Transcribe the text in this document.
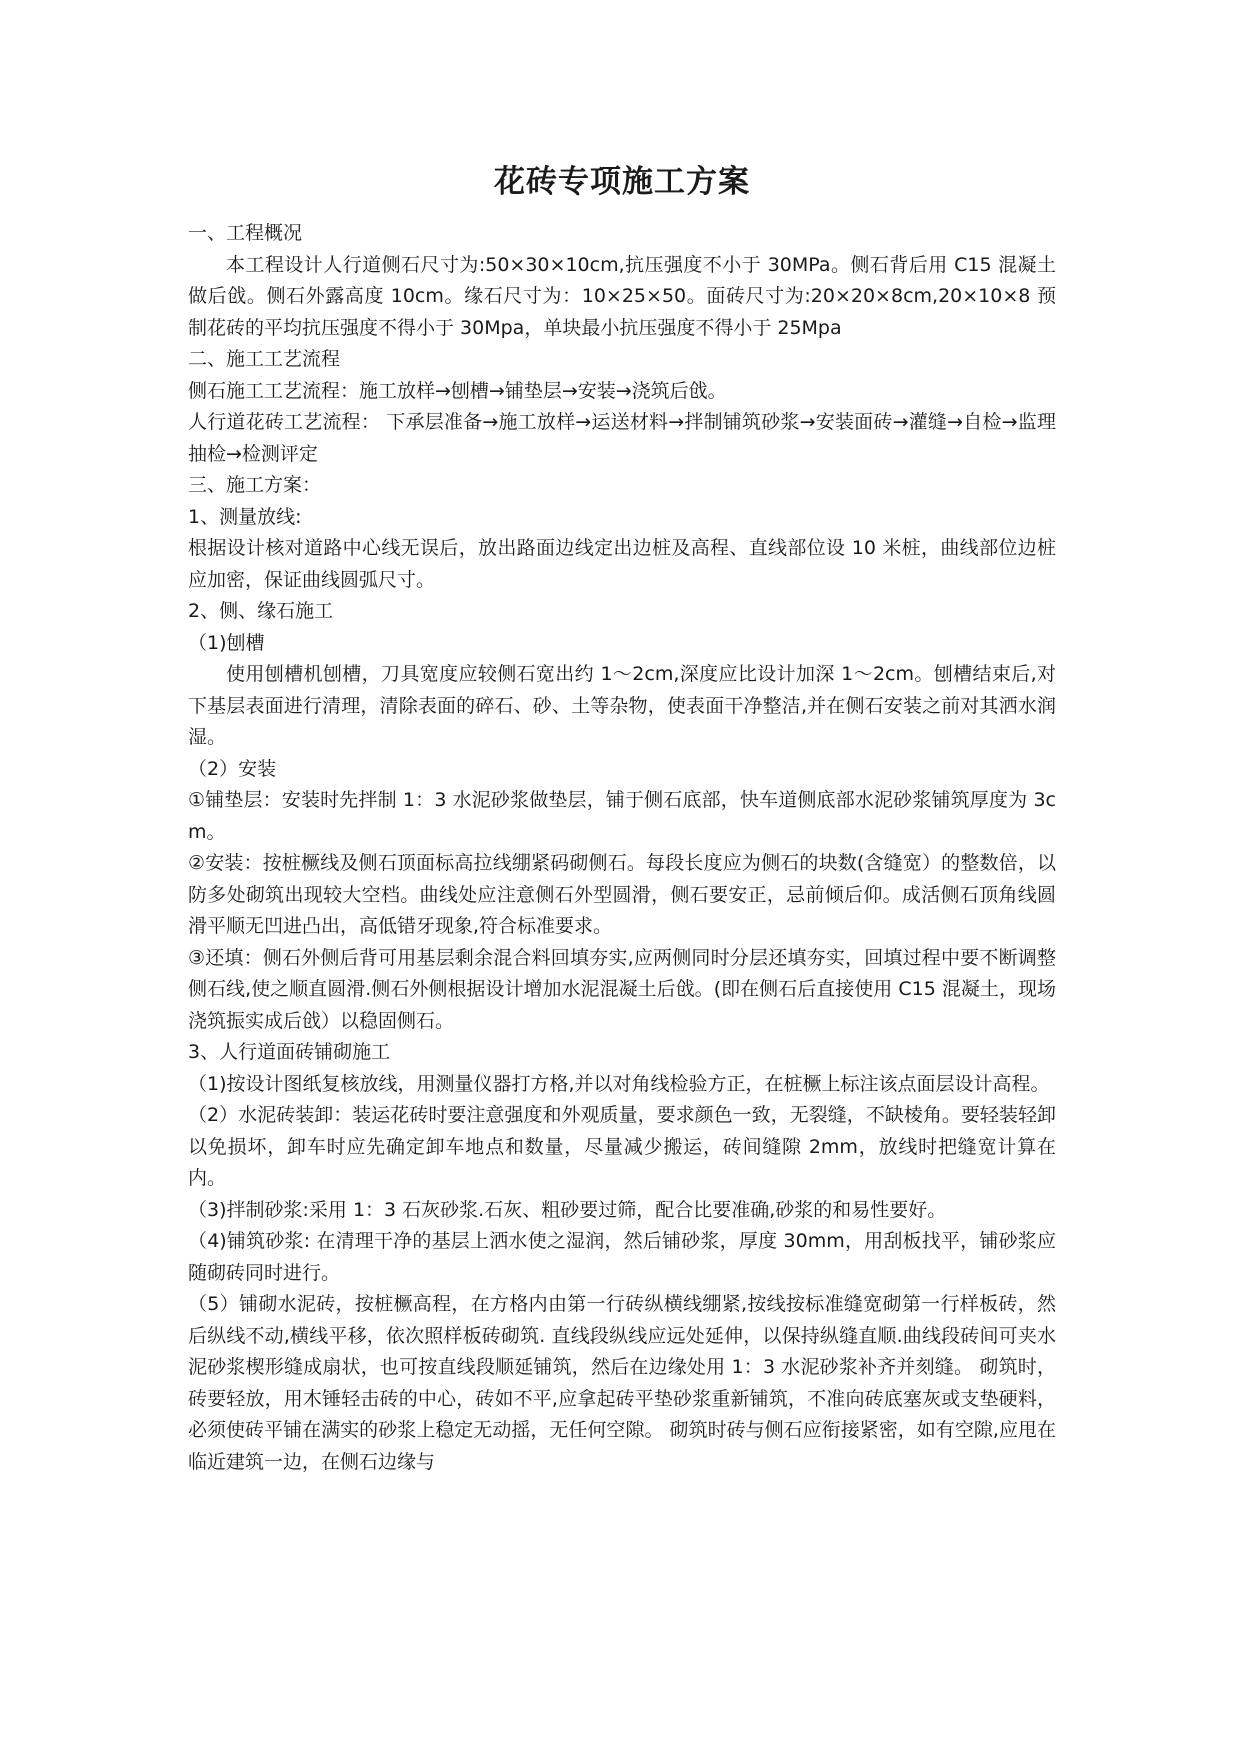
花砖专项施工方案

一、工程概况

本工程设计人行道侧石尺寸为:50×30×10cm,抗压强度不小于 30MPa。侧石背后用 C15 混凝土做后戗。侧石外露高度 10cm。缘石尺寸为：10×25×50。面砖尺寸为:20×20×8cm,20×10×8 预制花砖的平均抗压强度不得小于 30Mpa，单块最小抗压强度不得小于 25Mpa

二、施工工艺流程

侧石施工工艺流程：施工放样→刨槽→铺垫层→安装→浇筑后戗。

人行道花砖工艺流程： 下承层准备→施工放样→运送材料→拌制铺筑砂浆→安装面砖→灌缝→自检→监理抽检→检测评定

三、施工方案：

1、测量放线:

根据设计核对道路中心线无误后，放出路面边线定出边桩及高程、直线部位设 10 米桩，曲线部位边桩应加密，保证曲线圆弧尺寸。

2、侧、缘石施工

（1)刨槽

使用刨槽机刨槽，刀具宽度应较侧石宽出约 1～2cm,深度应比设计加深 1～2cm。刨槽结束后,对下基层表面进行清理，清除表面的碎石、砂、土等杂物，使表面干净整洁,并在侧石安装之前对其洒水润湿。

（2）安装

①铺垫层：安装时先拌制 1：3 水泥砂浆做垫层，铺于侧石底部，快车道侧底部水泥砂浆铺筑厚度为 3cm。

②安装：按桩橛线及侧石顶面标高拉线绷紧码砌侧石。每段长度应为侧石的块数(含缝宽）的整数倍，以防多处砌筑出现较大空档。曲线处应注意侧石外型圆滑，侧石要安正，忌前倾后仰。成活侧石顶角线圆滑平顺无凹进凸出，高低错牙现象,符合标准要求。

③还填：侧石外侧后背可用基层剩余混合料回填夯实,应两侧同时分层还填夯实，回填过程中要不断调整侧石线,使之顺直圆滑.侧石外侧根据设计增加水泥混凝土后戗。(即在侧石后直接使用 C15 混凝土，现场浇筑振实成后戗）以稳固侧石。

3、人行道面砖铺砌施工

（1)按设计图纸复核放线，用测量仪器打方格,并以对角线检验方正，在桩橛上标注该点面层设计高程。

（2）水泥砖装卸：装运花砖时要注意强度和外观质量，要求颜色一致，无裂缝，不缺棱角。要轻装轻卸以免损坏，卸车时应先确定卸车地点和数量，尽量减少搬运，砖间缝隙 2mm，放线时把缝宽计算在内。

（3)拌制砂浆:采用 1：3 石灰砂浆.石灰、粗砂要过筛，配合比要准确,砂浆的和易性要好。

（4)铺筑砂浆: 在清理干净的基层上洒水使之湿润，然后铺砂浆，厚度 30mm，用刮板找平，铺砂浆应随砌砖同时进行。

（5）铺砌水泥砖，按桩橛高程，在方格内由第一行砖纵横线绷紧,按线按标准缝宽砌第一行样板砖，然后纵线不动,横线平移，依次照样板砖砌筑. 直线段纵线应远处延伸，以保持纵缝直顺.曲线段砖间可夹水泥砂浆楔形缝成扇状，也可按直线段顺延铺筑，然后在边缘处用 1：3 水泥砂浆补齐并刻缝。 砌筑时，砖要轻放，用木锤轻击砖的中心，砖如不平,应拿起砖平垫砂浆重新铺筑，不准向砖底塞灰或支垫硬料，必须使砖平铺在满实的砂浆上稳定无动摇，无任何空隙。 砌筑时砖与侧石应衔接紧密，如有空隙,应甩在临近建筑一边，在侧石边缘与
